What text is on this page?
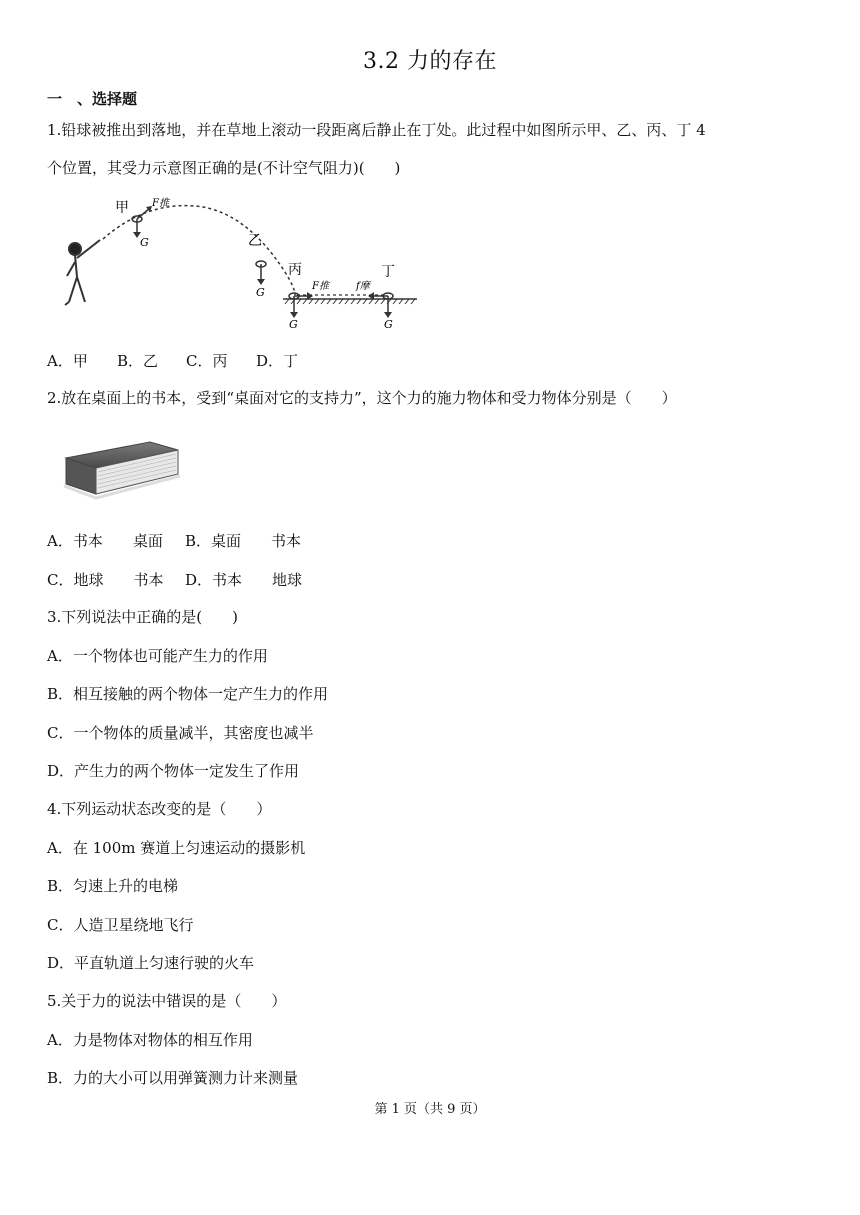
3.2 力的存在
一　、选择题
1.铅球被推出到落地，并在草地上滚动一段距离后静止在丁处。此过程中如图所示甲、乙、丙、丁 4
个位置，其受力示意图正确的是(不计空气阻力)(　　)
甲
G
F推
乙
G
丙
G
F推
丁
G
f摩
A．甲 B．乙 C．丙 D．丁
2.放在桌面上的书本，受到“桌面对它的支持力”，这个力的施力物体和受力物体分别是（　　）
A．书本　　桌面 B．桌面　　书本
C．地球　　书本 D．书本　　地球
3.下列说法中正确的是(　　)
A．一个物体也可能产生力的作用
B．相互接触的两个物体一定产生力的作用
C．一个物体的质量减半，其密度也减半
D．产生力的两个物体一定发生了作用
4.下列运动状态改变的是（　　）
A．在 100m 赛道上匀速运动的摄影机
B．匀速上升的电梯
C．人造卫星绕地飞行
D．平直轨道上匀速行驶的火车
5.关于力的说法中错误的是（　　）
A．力是物体对物体的相互作用
B．力的大小可以用弹簧测力计来测量
第 1 页（共 9 页）
